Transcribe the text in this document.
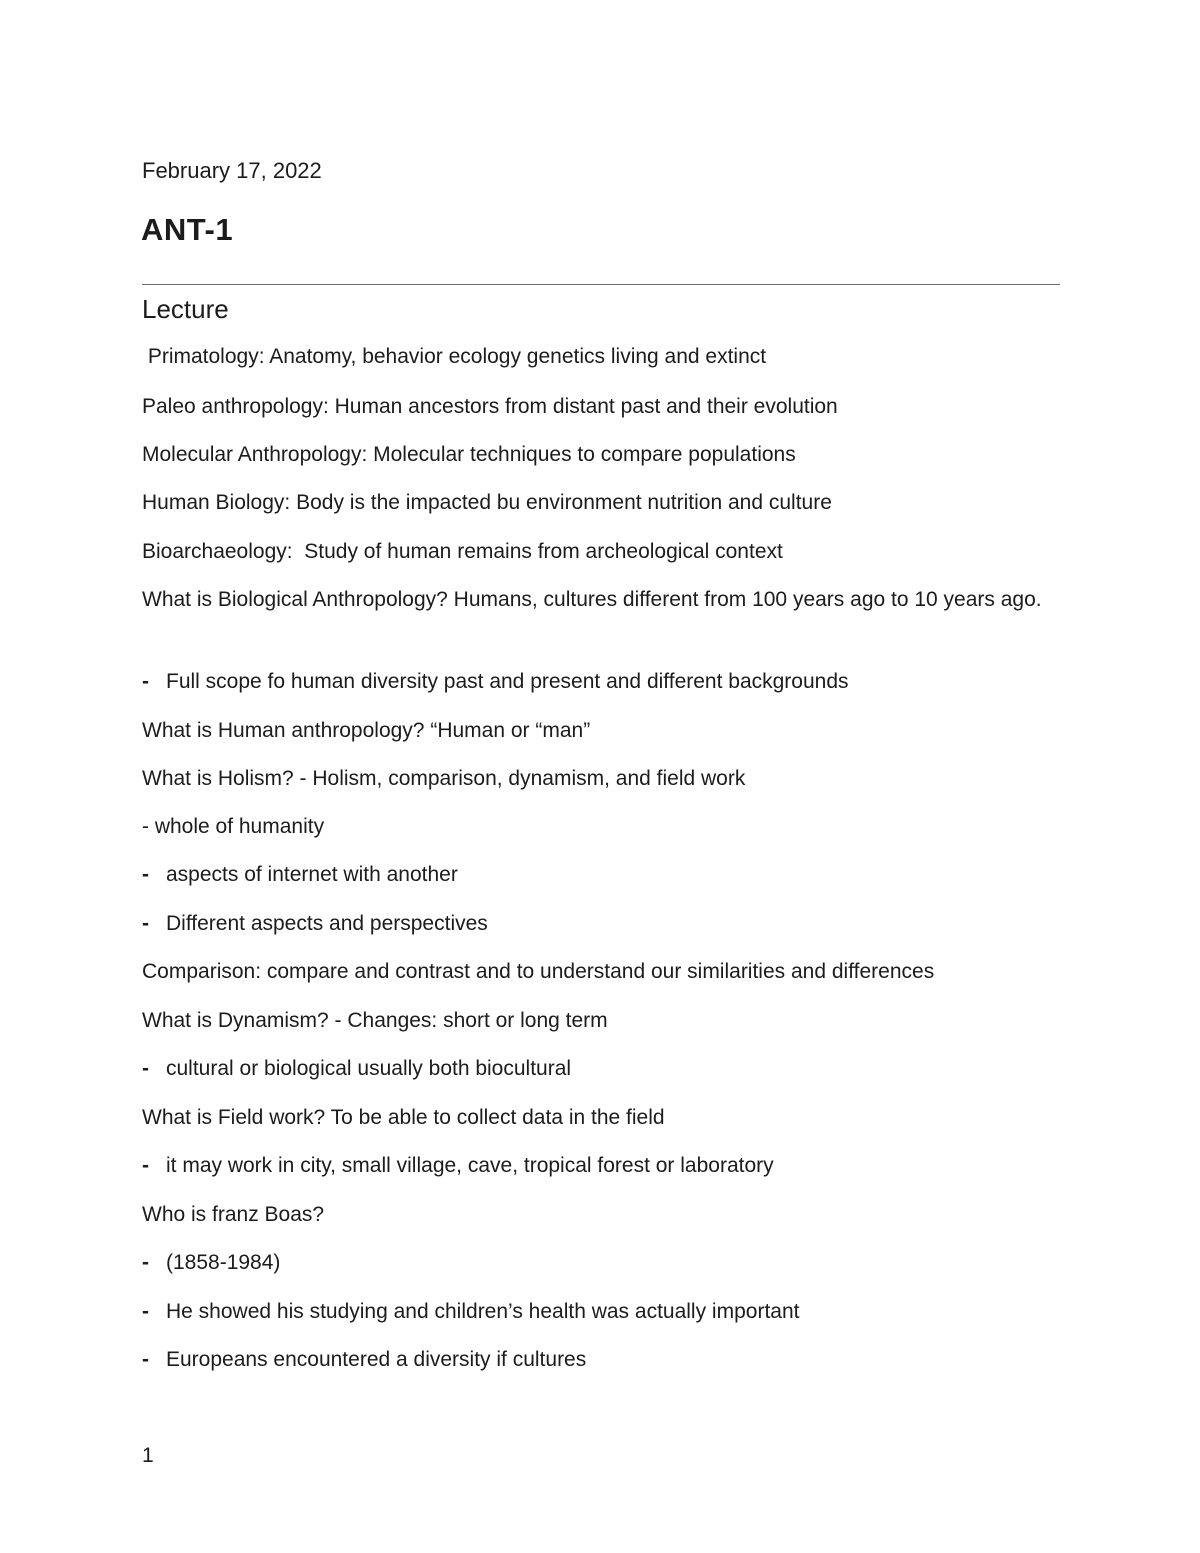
February 17, 2022
ANT-1
Lecture
Primatology: Anatomy, behavior ecology genetics living and extinct
Paleo anthropology: Human ancestors from distant past and their evolution
Molecular Anthropology: Molecular techniques to compare populations
Human Biology: Body is the impacted bu environment nutrition and culture
Bioarchaeology:  Study of human remains from archeological context
What is Biological Anthropology? Humans, cultures different from 100 years ago to 10 years ago.
- Full scope fo human diversity past and present and different backgrounds
What is Human anthropology? “Human or “man”
What is Holism? - Holism, comparison, dynamism, and field work
- whole of humanity
- aspects of internet with another
- Different aspects and perspectives
Comparison: compare and contrast and to understand our similarities and differences
What is Dynamism? - Changes: short or long term
- cultural or biological usually both biocultural
What is Field work? To be able to collect data in the field
- it may work in city, small village, cave, tropical forest or laboratory
Who is franz Boas?
- (1858-1984)
- He showed his studying and children’s health was actually important
- Europeans encountered a diversity if cultures
1
